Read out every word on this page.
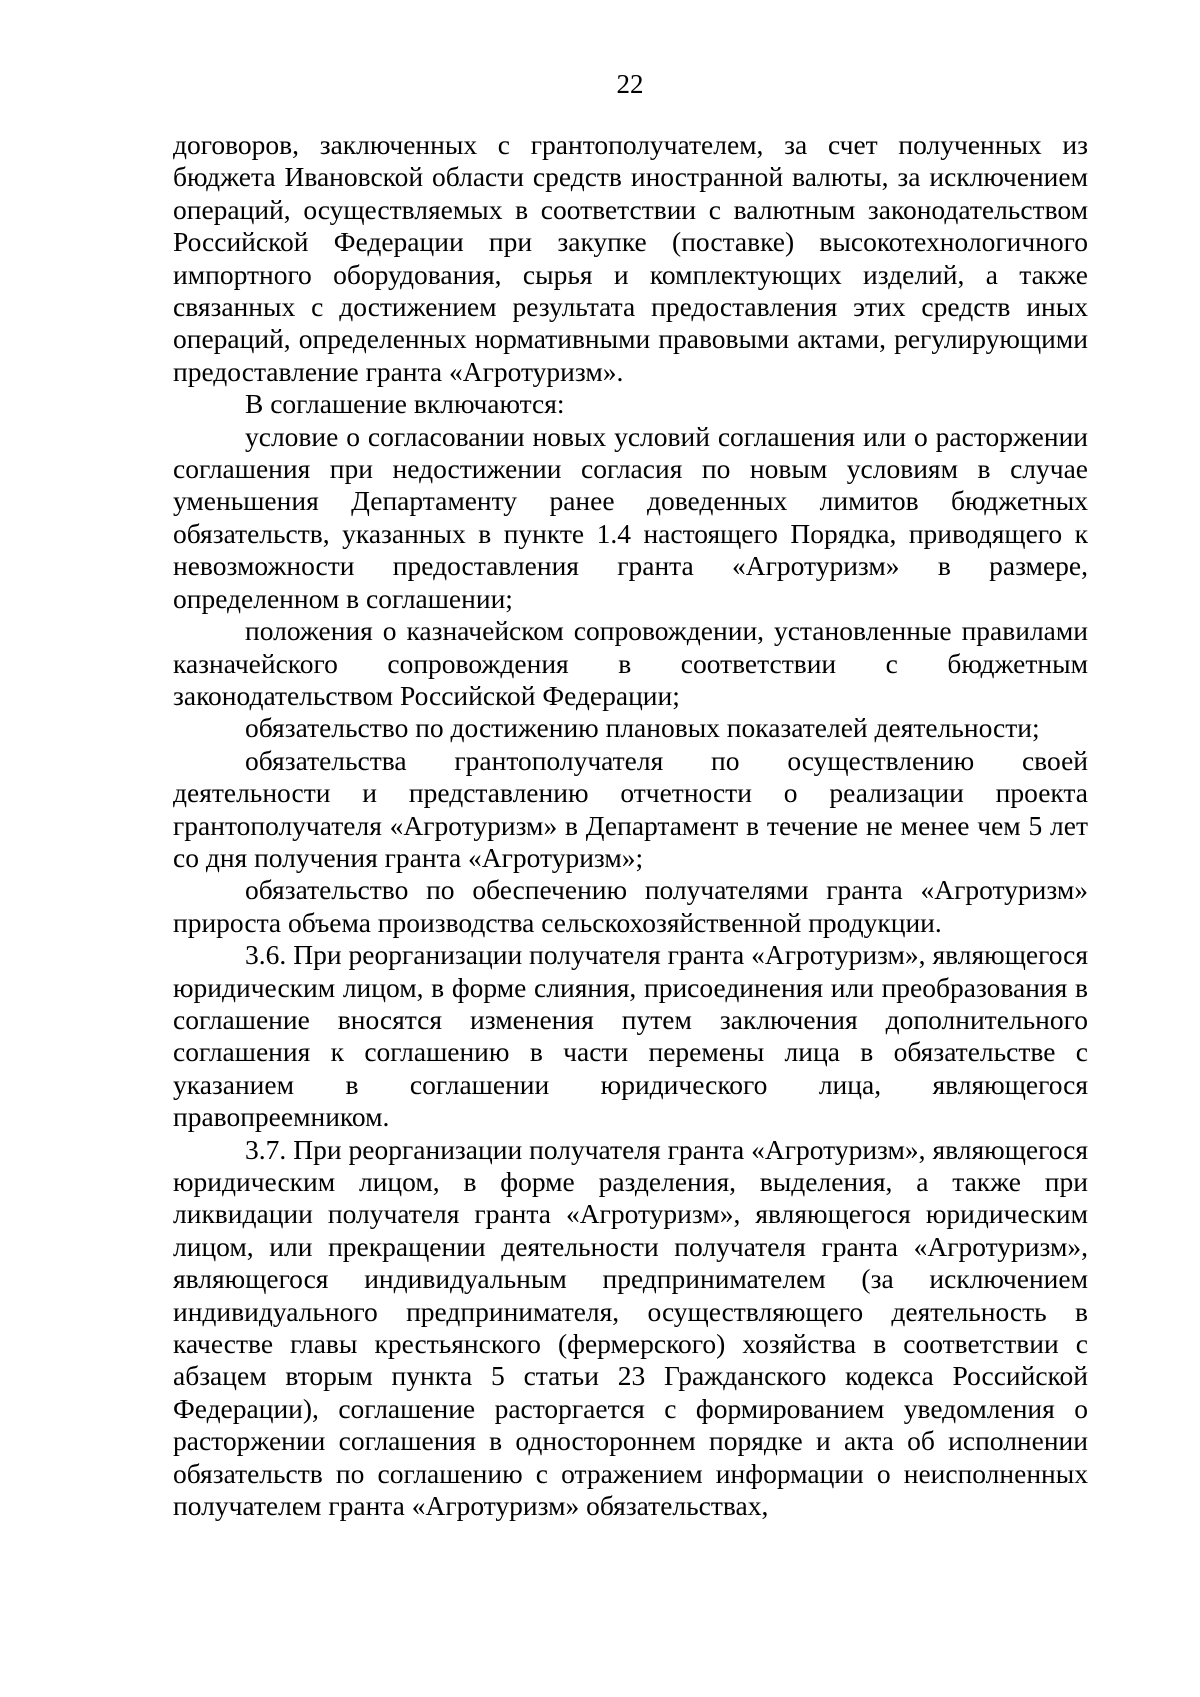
22

договоров, заключенных с грантополучателем, за счет полученных из бюджета Ивановской области средств иностранной валюты, за исключением операций, осуществляемых в соответствии с валютным законодательством Российской Федерации при закупке (поставке) высокотехнологичного импортного оборудования, сырья и комплектующих изделий, а также связанных с достижением результата предоставления этих средств иных операций, определенных нормативными правовыми актами, регулирующими предоставление гранта «Агротуризм».

В соглашение включаются:

условие о согласовании новых условий соглашения или о расторжении соглашения при недостижении согласия по новым условиям в случае уменьшения Департаменту ранее доведенных лимитов бюджетных обязательств, указанных в пункте 1.4 настоящего Порядка, приводящего к невозможности предоставления гранта «Агротуризм» в размере, определенном в соглашении;

положения о казначейском сопровождении, установленные правилами казначейского сопровождения в соответствии с бюджетным законодательством Российской Федерации;

обязательство по достижению плановых показателей деятельности;

обязательства грантополучателя по осуществлению своей деятельности и представлению отчетности о реализации проекта грантополучателя «Агротуризм» в Департамент в течение не менее чем 5 лет со дня получения гранта «Агротуризм»;

обязательство по обеспечению получателями гранта «Агротуризм» прироста объема производства сельскохозяйственной продукции.

3.6. При реорганизации получателя гранта «Агротуризм», являющегося юридическим лицом, в форме слияния, присоединения или преобразования в соглашение вносятся изменения путем заключения дополнительного соглашения к соглашению в части перемены лица в обязательстве с указанием в соглашении юридического лица, являющегося правопреемником.

3.7. При реорганизации получателя гранта «Агротуризм», являющегося юридическим лицом, в форме разделения, выделения, а также при ликвидации получателя гранта «Агротуризм», являющегося юридическим лицом, или прекращении деятельности получателя гранта «Агротуризм», являющегося индивидуальным предпринимателем (за исключением индивидуального предпринимателя, осуществляющего деятельность в качестве главы крестьянского (фермерского) хозяйства в соответствии с абзацем вторым пункта 5 статьи 23 Гражданского кодекса Российской Федерации), соглашение расторгается с формированием уведомления о расторжении соглашения в одностороннем порядке и акта об исполнении обязательств по соглашению с отражением информации о неисполненных получателем гранта «Агротуризм» обязательствах,
